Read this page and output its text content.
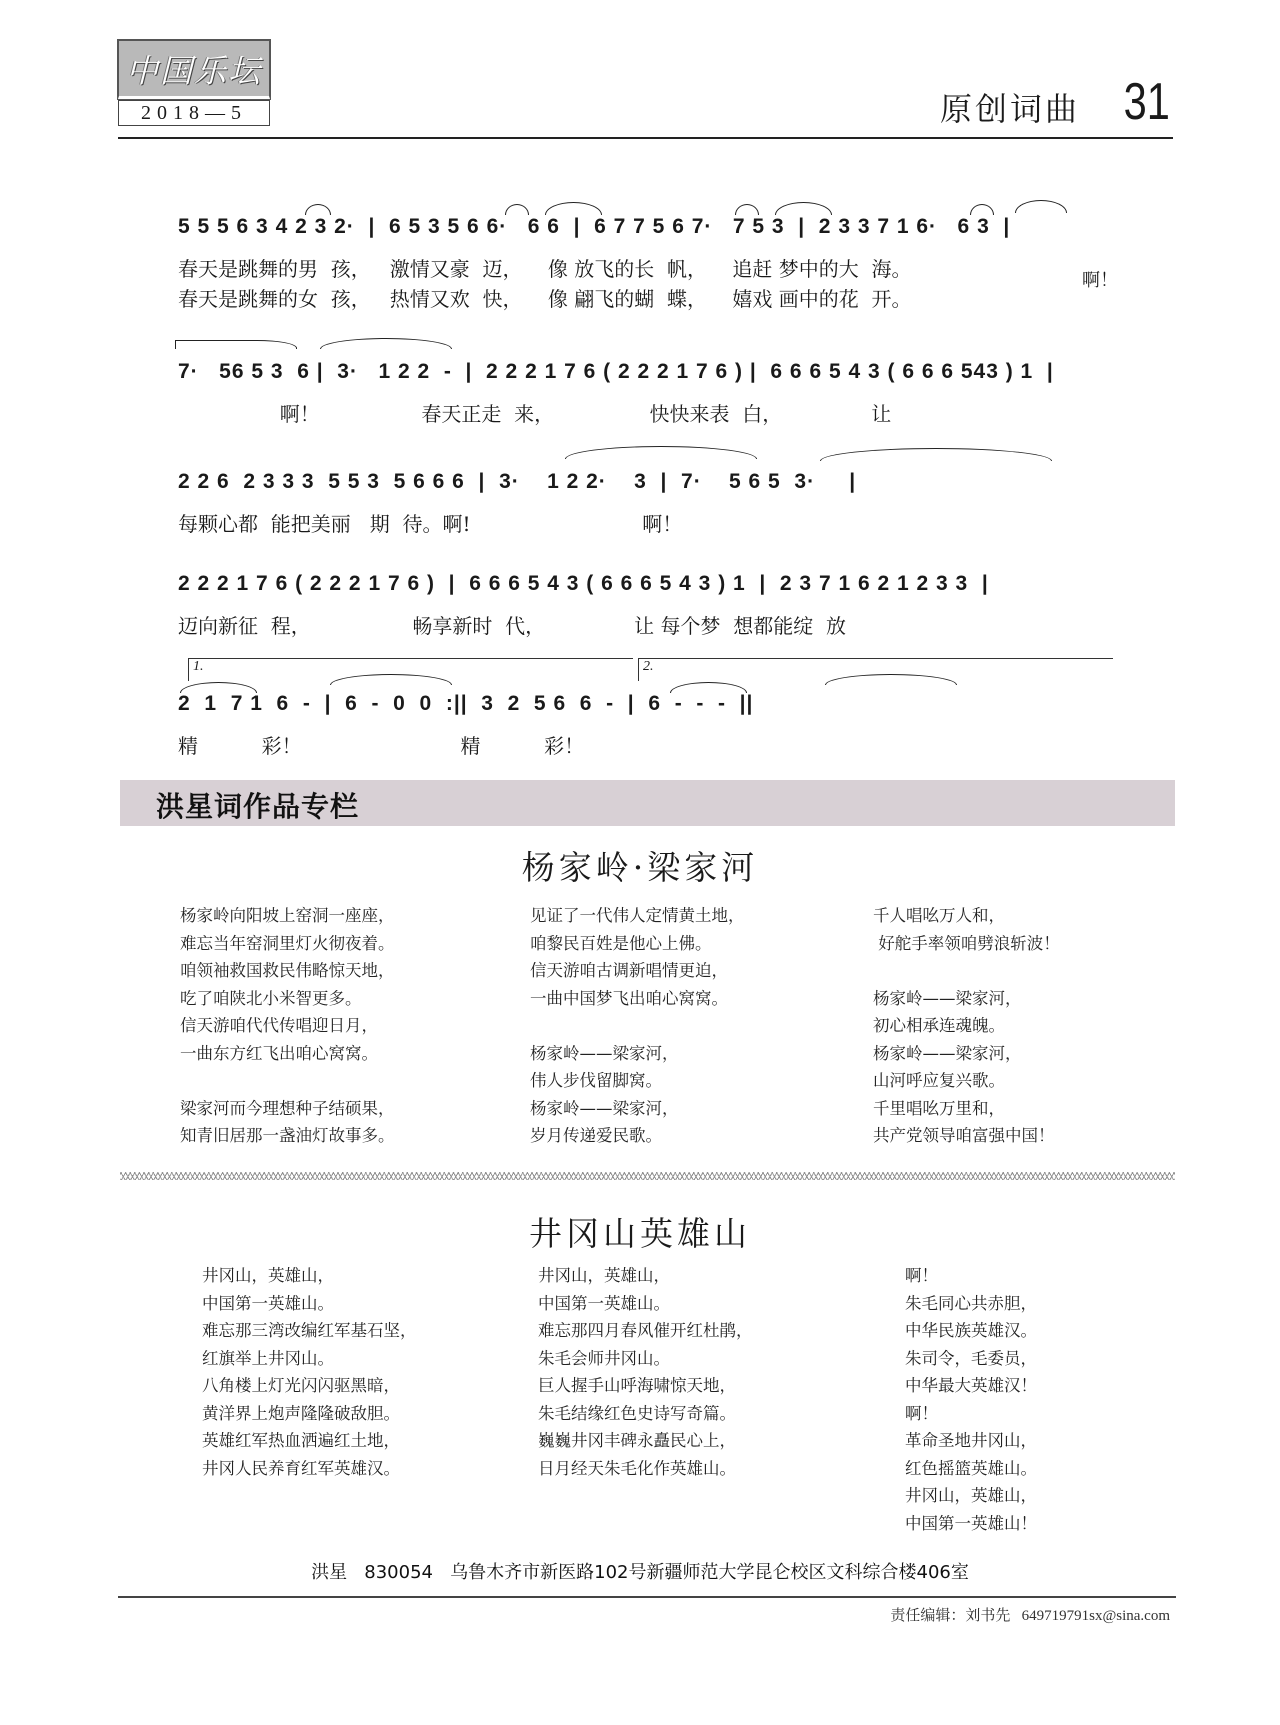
中国乐坛
2018—5	原创词曲 31
5 5 5 6 3 4 2 3 2·  |  6 5 3 5 6 6·   6 6  |  6 7 7 5 6 7·   7 5 3  |  2 3 3 7 1 6·   6 3  |
春天是跳舞的男  孩，   激情又豪  迈，    像 放飞的长  帆，    追赶 梦中的大  海。
春天是跳舞的女  孩，   热情又欢  快，    像 翩飞的蝴  蝶，    嬉戏 画中的花  开。
啊！
7·   56 5 3  6 |  3·   1 2 2  -  |  2 2 2 1 7 6 ( 2 2 2 1 7 6 ) |  6 6 6 5 4 3 ( 6 6 6 543 ) 1  |
啊！                春天正走  来，               快快来表  白，              让
2 2 6  2 3 3 3  5 5 3  5 6 6 6  |  3·    1 2 2·    3  |  7·    5 6 5  3·     |
每颗心都  能把美丽   期  待。啊!                           啊！
2 2 2 1 7 6 ( 2 2 2 1 7 6 )  |  6 6 6 5 4 3 ( 6 6 6 5 4 3 ) 1  |  2 3 7 1 6 2 1 2 3 3  |
迈向新征  程，                畅享新时  代，              让 每个梦  想都能绽  放
1.	2.
2  1  7 1  6  -  |  6  -  0  0  :||  3  2  5 6  6  -  |  6  -  -  -  ||
精          彩！                         精          彩！
洪星词作品专栏
杨家岭·梁家河
杨家岭向阳坡上窑洞一座座，
难忘当年窑洞里灯火彻夜着。
咱领袖救国救民伟略惊天地，
吃了咱陕北小米智更多。
信天游咱代代传唱迎日月，
一曲东方红飞出咱心窝窝。
梁家河而今理想种子结硕果，
知青旧居那一盏油灯故事多。
见证了一代伟人定情黄土地，
咱黎民百姓是他心上佛。
信天游咱古调新唱情更迫，
一曲中国梦飞出咱心窝窝。
杨家岭——梁家河，
伟人步伐留脚窝。
杨家岭——梁家河，
岁月传递爱民歌。
千人唱吆万人和，
好舵手率领咱劈浪斩波！
杨家岭——梁家河，
初心相承连魂魄。
杨家岭——梁家河，
山河呼应复兴歌。
千里唱吆万里和，
共产党领导咱富强中国！
井冈山英雄山
井冈山，英雄山，
中国第一英雄山。
难忘那三湾改编红军基石坚，
红旗举上井冈山。
八角楼上灯光闪闪驱黑暗，
黄洋界上炮声隆隆破敌胆。
英雄红军热血洒遍红土地，
井冈人民养育红军英雄汉。
井冈山，英雄山，
中国第一英雄山。
难忘那四月春风催开红杜鹃，
朱毛会师井冈山。
巨人握手山呼海啸惊天地，
朱毛结缘红色史诗写奇篇。
巍巍井冈丰碑永矗民心上，
日月经天朱毛化作英雄山。
啊！
朱毛同心共赤胆，
中华民族英雄汉。
朱司令，毛委员，
中华最大英雄汉！
啊！
革命圣地井冈山，
红色摇篮英雄山。
井冈山，英雄山，
中国第一英雄山！
洪星   830054   乌鲁木齐市新医路102号新疆师范大学昆仑校区文科综合楼406室
责任编辑：刘书先   649719791sx@sina.com
